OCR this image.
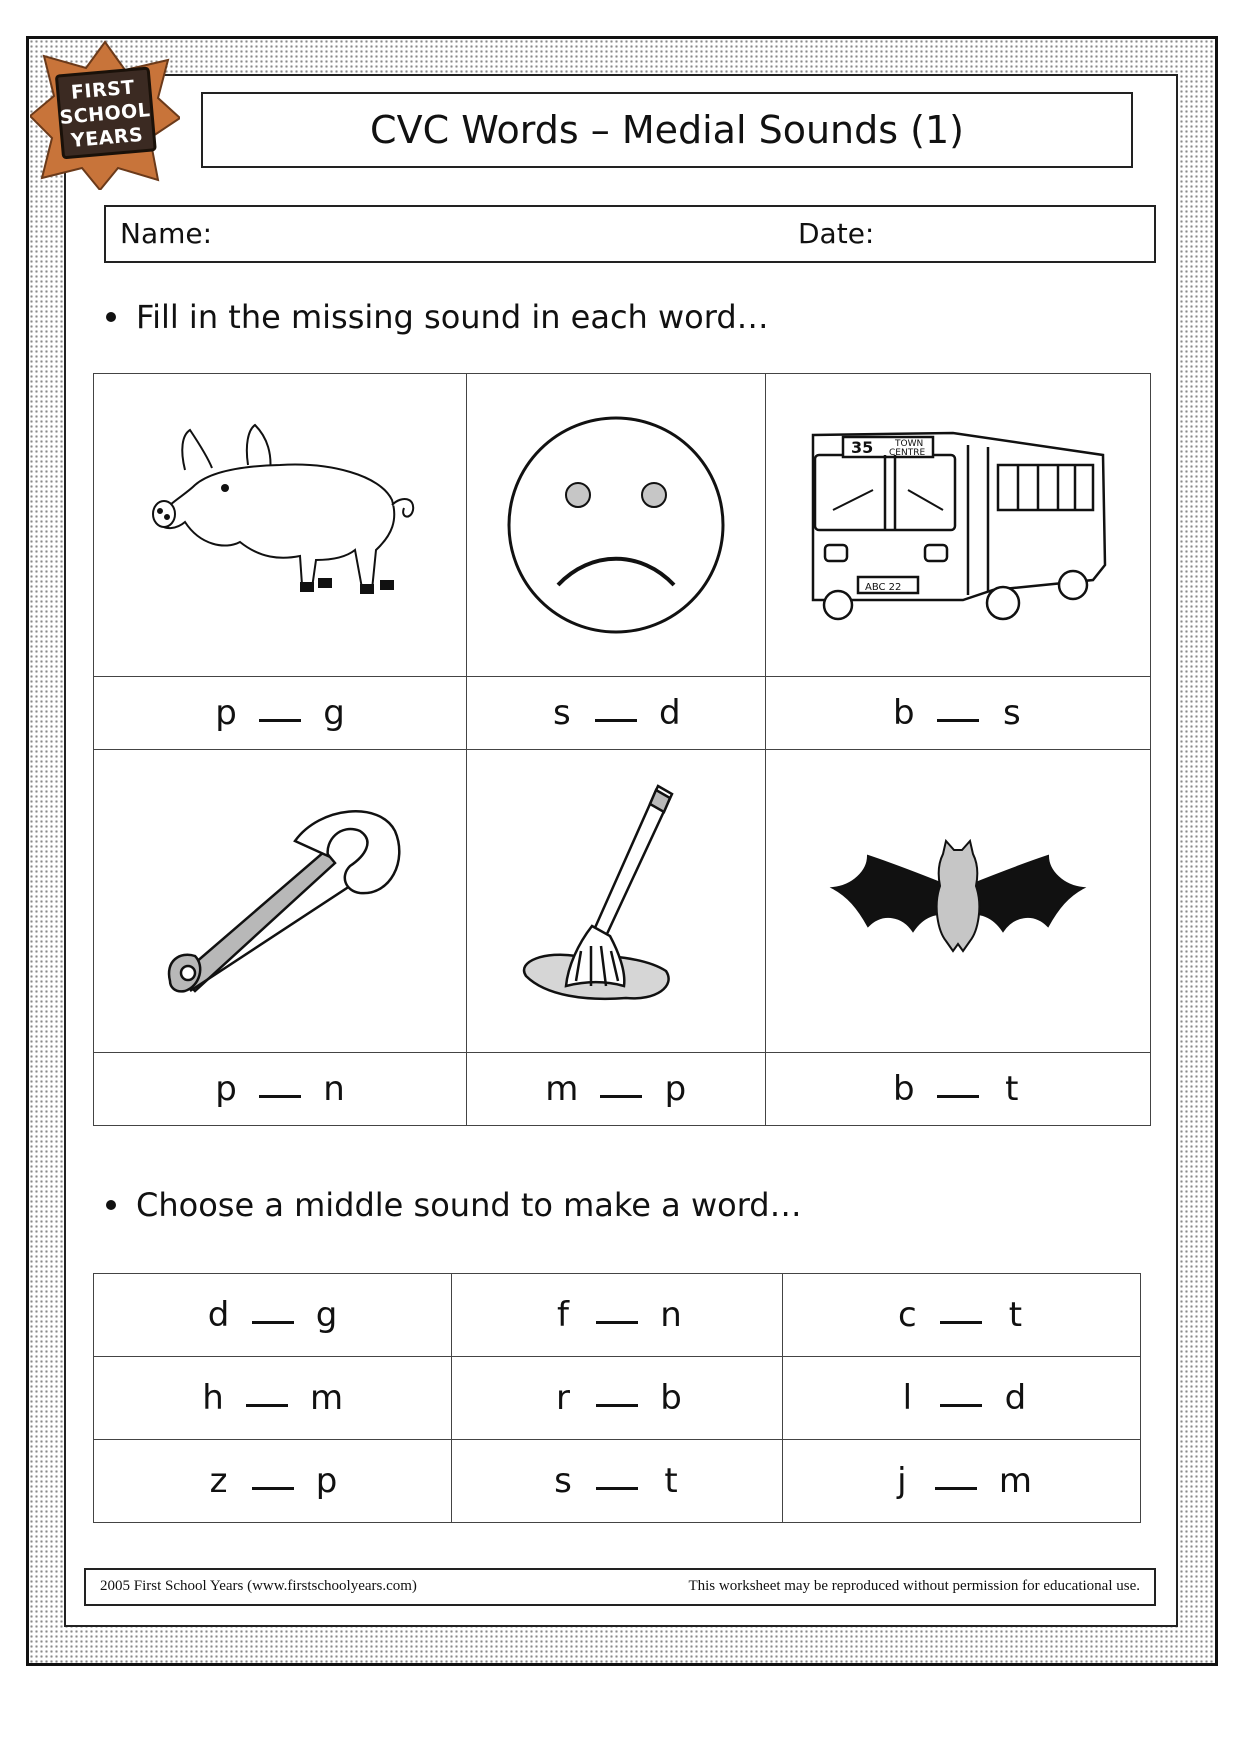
FIRST
SCHOOL
YEARS	CVC Words – Medial Sounds (1)
Name:	Date:
Fill in the missing sound in each word…

35 TOWN
CENTRE
ABC 22

p g	s d	b s

p n	m p	b t
Choose a middle sound to make a word…
d g	f n	c t

h m	r b	l d

z p	s t	j m
2005 First School Years (www.firstschoolyears.com)	This worksheet may be reproduced without permission for educational use.
